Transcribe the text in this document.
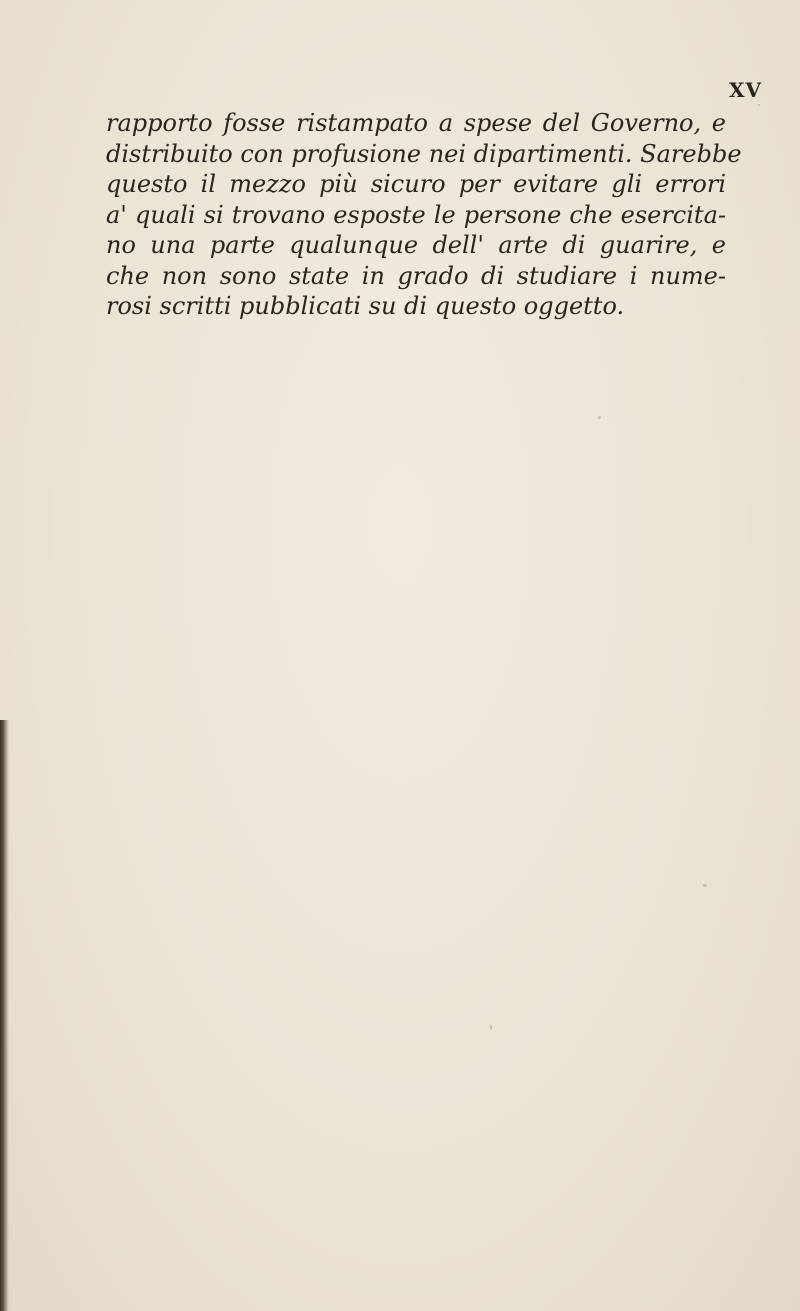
XV
rapporto fosse ristampato a spese del Governo, e
distribuito con profusione nei dipartimenti. Sarebbe
questo il mezzo più sicuro per evitare gli errori
a' quali si trovano esposte le persone che esercita-
no una parte qualunque dell' arte di guarire, e
che non sono state in grado di studiare i nume-
rosi scritti pubblicati su di questo oggetto.
